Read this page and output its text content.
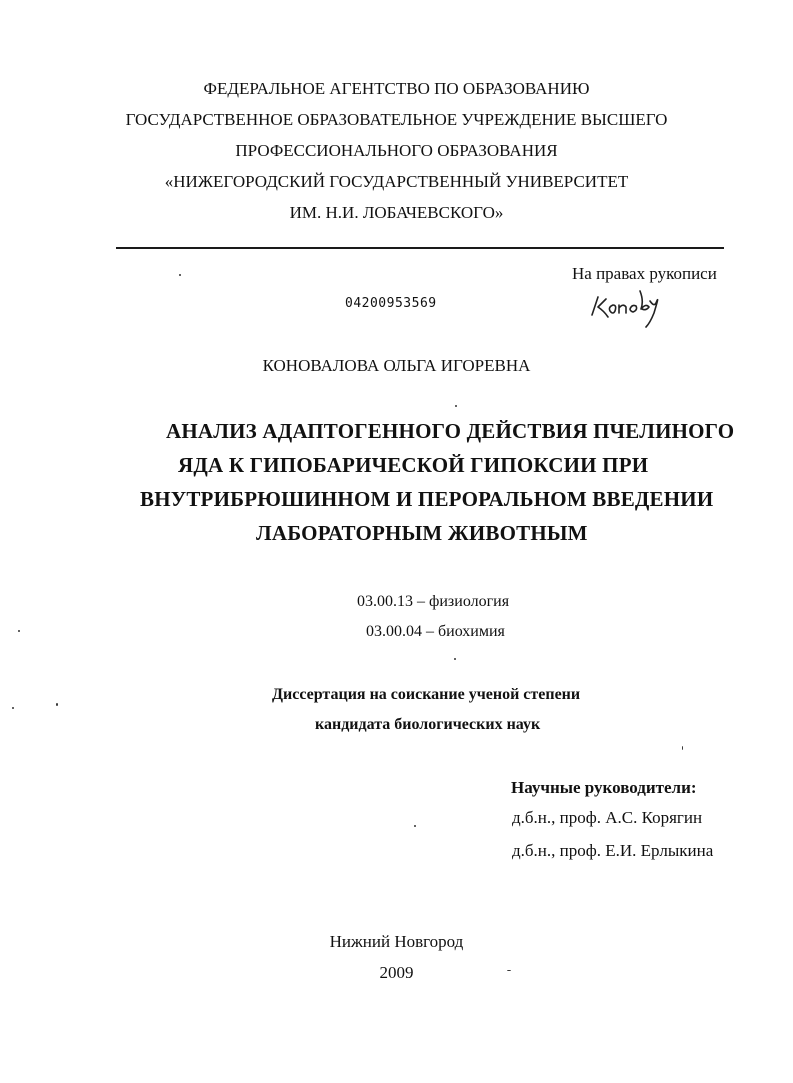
ФЕДЕРАЛЬНОЕ АГЕНТСТВО ПО ОБРАЗОВАНИЮ
ГОСУДАРСТВЕННОЕ ОБРАЗОВАТЕЛЬНОЕ УЧРЕЖДЕНИЕ ВЫСШЕГО
ПРОФЕССИОНАЛЬНОГО ОБРАЗОВАНИЯ
«НИЖЕГОРОДСКИЙ ГОСУДАРСТВЕННЫЙ УНИВЕРСИТЕТ
ИМ. Н.И. ЛОБАЧЕВСКОГО»
На правах рукописи
04200953569
КОНОВАЛОВА ОЛЬГА ИГОРЕВНА
АНАЛИЗ АДАПТОГЕННОГО ДЕЙСТВИЯ ПЧЕЛИНОГО
ЯДА К ГИПОБАРИЧЕСКОЙ ГИПОКСИИ ПРИ
ВНУТРИБРЮШИННОМ И ПЕРОРАЛЬНОМ ВВЕДЕНИИ
ЛАБОРАТОРНЫМ ЖИВОТНЫМ
03.00.13 – физиология
03.00.04 – биохимия
Диссертация на соискание ученой степени
кандидата биологических наук
Научные руководители:
д.б.н., проф. А.С. Корягин
д.б.н., проф. Е.И. Ерлыкина
Нижний Новгород
2009
